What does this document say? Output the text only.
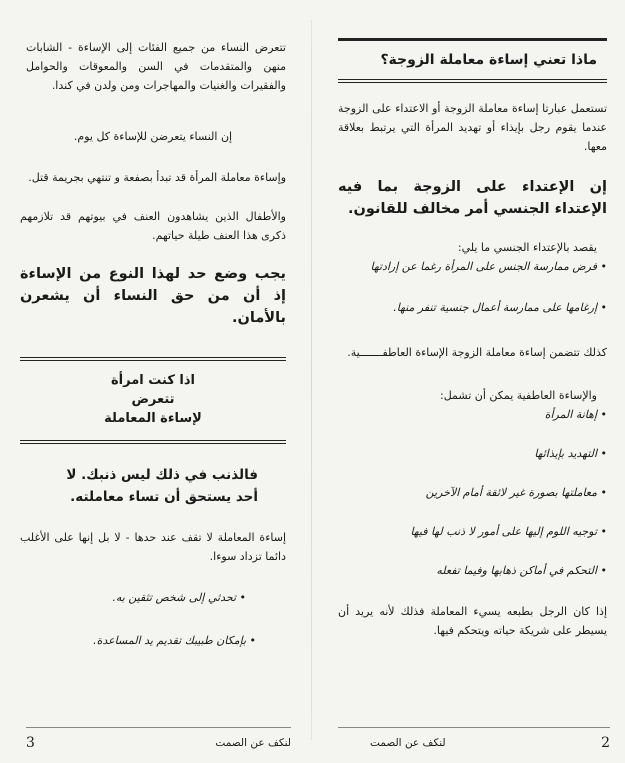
تتعرض النساء من جميع الفئات إلى الإساءة - الشابات منهن والمتقدمات في السن والمعوقات والحوامل والفقيرات والغنيات والمهاجرات ومن ولدن في كندا.

إن النساء يتعرضن للإساءة كل يوم.

وإساءة معاملة المرأة قد تبدأ بصفعة و تنتهي بجريمة قتل.

والأطفال الذين يشاهدون العنف في بيوتهم قد تلازمهم ذكرى هذا العنف طيلة حياتهم.

يجب وضع حد لهذا النوع من الإساءة إذ أن من حق النساء أن يشعرن بالأمان.

اذا كنت امرأة

تتعرض

لإساءة المعاملة

فالذنب في ذلك ليس ذنبك. لا أحد يستحق أن تساء معاملته.

إساءة المعاملة لا تقف عند حدها - لا بل إنها على الأغلب دائما تزداد سوءا.

• تحدثي إلى شخص تثقين به.

• بإمكان طبيبك تقديم يد المساعدة.

ماذا تعني إساءة معاملة الزوجة؟

تستعمل عبارتا إساءة معاملة الزوجة أو الاعتداء على الزوجة عندما يقوم رجل بإيذاء أو تهديد المرأة التي يرتبط بعلاقة معها.

إن الإعتداء على الزوجة بما فيه الإعتداء الجنسي أمر مخالف للقانون.

يقصد بالإعتداء الجنسي ما يلي:

• فرض ممارسة الجنس على المرأة رغما عن إرادتها

• إرغامها على ممارسة أعمال جنسية تنفر منها.

كذلك تتضمن إساءة معاملة الزوجة الإساءة العاطفـــــــية.

والإساءة العاطفية يمكن أن تشمل:

• إهانة المرأة

• التهديد بإيذائها

• معاملتها بصورة غير لائقة أمام الآخرين

• توجيه اللوم إليها على أمور لا ذنب لها فيها

• التحكم في أماكن ذهابها وفيما تفعله

إذا كان الرجل بطبعه يسيء المعاملة فذلك لأنه يريد أن يسيطر على شريكة حياته ويتحكم فيها.

3	لنكف عن الصمت	لنكف عن الصمت	2
